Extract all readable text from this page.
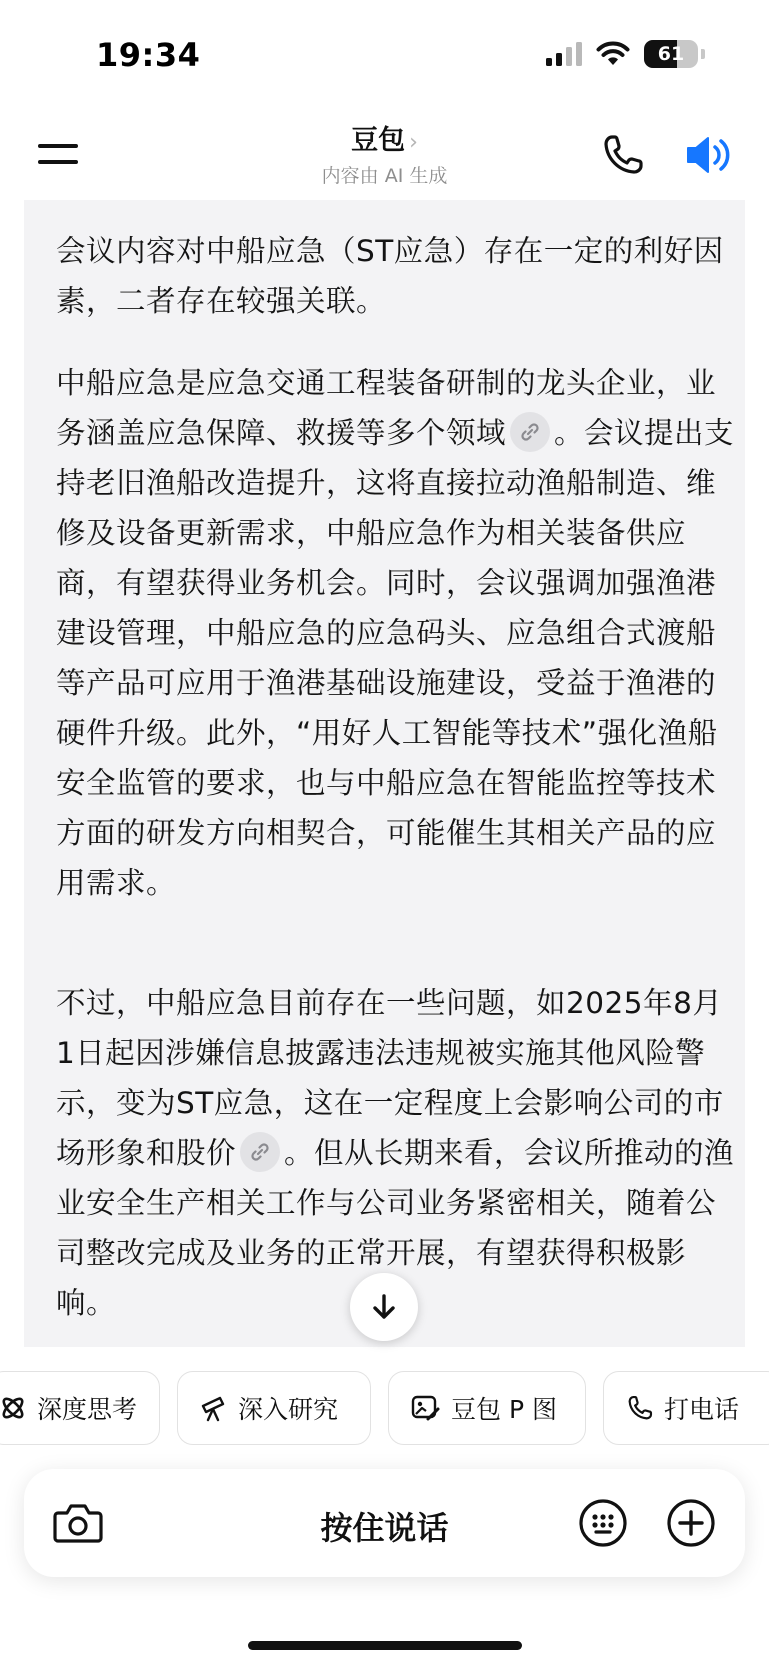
19:34	61
豆包 ›
内容由 AI 生成

会议内容对中船应急（ST应急）存在一定的利好因素，二者存在较强关联。

中船应急是应急交通工程装备研制的龙头企业，业务涵盖应急保障、救援等多个领域 。会议提出支持老旧渔船改造提升，这将直接拉动渔船制造、维修及设备更新需求，中船应急作为相关装备供应商，有望获得业务机会。同时，会议强调加强渔港建设管理，中船应急的应急码头、应急组合式渡船等产品可应用于渔港基础设施建设，受益于渔港的硬件升级。此外，“用好人工智能等技术”强化渔船安全监管的要求，也与中船应急在智能监控等技术方面的研发方向相契合，可能催生其相关产品的应用需求。

不过，中船应急目前存在一些问题，如2025年8月1日起因涉嫌信息披露违法违规被实施其他风险警示，变为ST应急，这在一定程度上会影响公司的市场形象和股价 。但从长期来看，会议所推动的渔业安全生产相关工作与公司业务紧密相关，随着公司整改完成及业务的正常开展，有望获得积极影响。

深度思考	深入研究	豆包 P 图	打电话
按住说话
